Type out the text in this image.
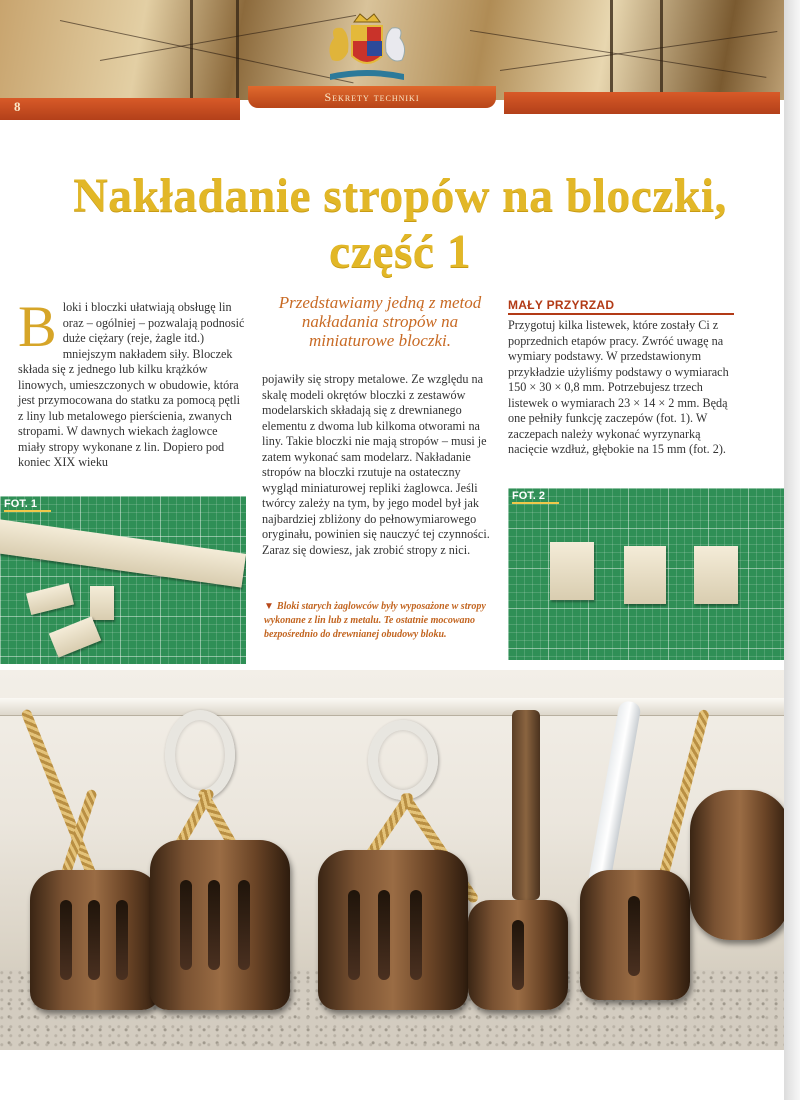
8
Sekrety techniki
Nakładanie stropów na bloczki,
część 1
B loki i bloczki ułatwiają obsługę lin oraz – ogólniej – pozwalają podnosić duże ciężary (reje, żagle itd.) mniejszym nakładem siły. Bloczek składa się z jednego lub kilku krążków linowych, umieszczonych w obudowie, która jest przymocowana do statku za pomocą pętli z liny lub metalowego pierścienia, zwanych stropami. W dawnych wiekach żaglowce miały stropy wykonane z lin. Dopiero pod koniec XIX wieku
Przedstawiamy jedną z metod nakładania stropów na miniaturowe bloczki.
pojawiły się stropy metalowe. Ze względu na skalę modeli okrętów bloczki z zestawów modelarskich składają się z drewnianego elementu z dwoma lub kilkoma otworami na liny. Takie bloczki nie mają stropów – musi je zatem wykonać sam modelarz. Nakładanie stropów na bloczki rzutuje na ostateczny wygląd miniaturowej repliki żaglowca. Jeśli twórcy zależy na tym, by jego model był jak najbardziej zbliżony do pełnowymiarowego oryginału, powinien się nauczyć tej czynności. Zaraz się dowiesz, jak zrobić stropy z nici.
▼ Bloki starych żaglowców były wyposażone w stropy wykonane z lin lub z metalu. Te ostatnie mocowano bezpośrednio do drewnianej obudowy bloku.
MAŁY PRZYRZAD
Przygotuj kilka listewek, które zostały Ci z poprzednich etapów pracy. Zwróć uwagę na wymiary podstawy. W przedstawionym przykładzie użyliśmy podstawy o wymiarach 150 × 30 × 0,8 mm. Potrzebujesz trzech listewek o wymiarach 23 × 14 × 2 mm. Będą one pełniły funkcję zaczepów (fot. 1). W zaczepach należy wykonać wyrzynarką nacięcie wzdłuż, głębokie na 15 mm (fot. 2).
FOT. 1
FOT. 2
